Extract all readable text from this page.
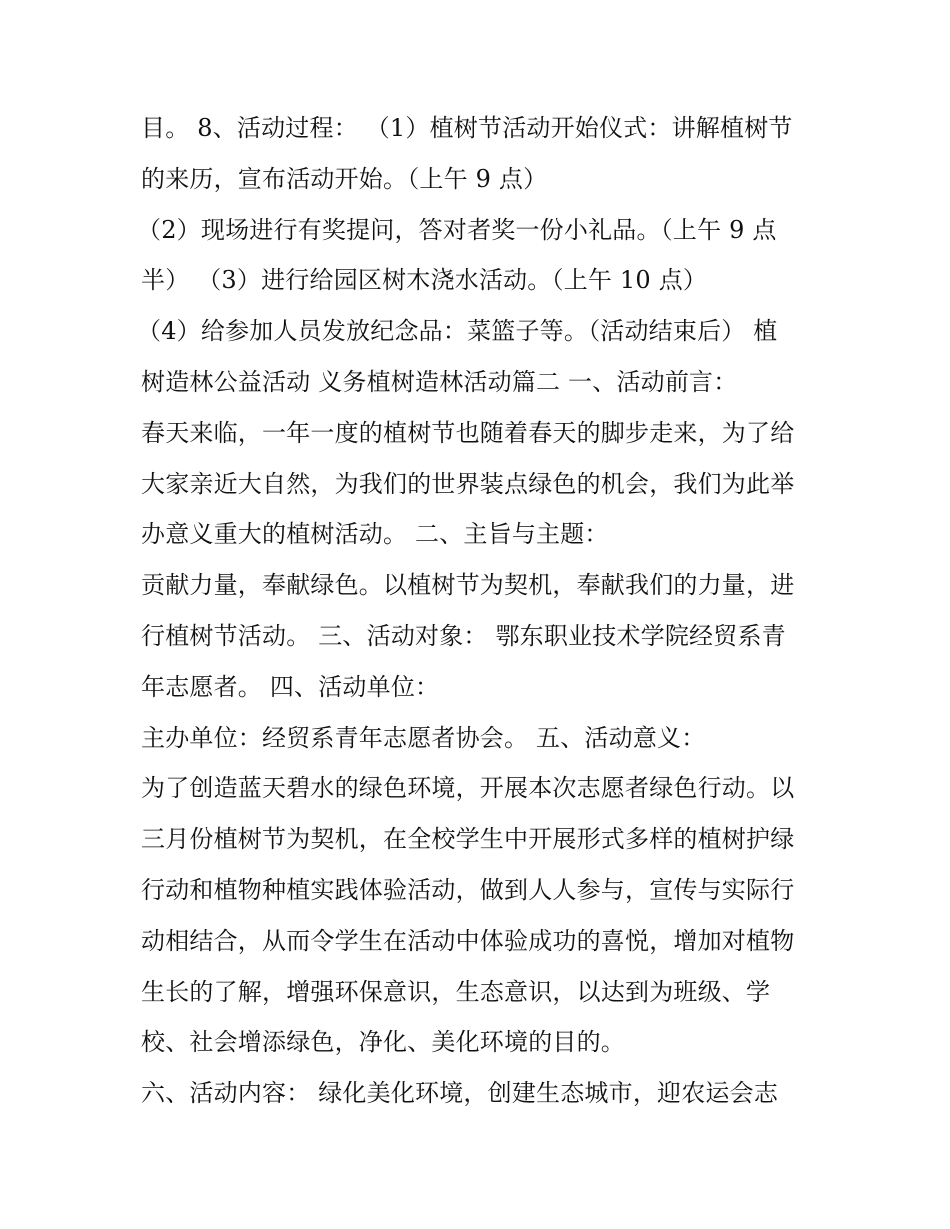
目。 8、活动过程： （1）植树节活动开始仪式：讲解植树节
的来历，宣布活动开始。（上午 9 点）
（2）现场进行有奖提问，答对者奖一份小礼品。（上午 9 点
半） （3）进行给园区树木浇水活动。（上午 10 点）
（4）给参加人员发放纪念品：菜篮子等。（活动结束后） 植
树造林公益活动 义务植树造林活动篇二 一、活动前言：
春天来临，一年一度的植树节也随着春天的脚步走来，为了给
大家亲近大自然，为我们的世界装点绿色的机会，我们为此举
办意义重大的植树活动。 二、主旨与主题：
贡献力量，奉献绿色。以植树节为契机，奉献我们的力量，进
行植树节活动。 三、活动对象： 鄂东职业技术学院经贸系青
年志愿者。 四、活动单位：
主办单位：经贸系青年志愿者协会。 五、活动意义：
为了创造蓝天碧水的绿色环境，开展本次志愿者绿色行动。以
三月份植树节为契机，在全校学生中开展形式多样的植树护绿
行动和植物种植实践体验活动，做到人人参与，宣传与实际行
动相结合，从而令学生在活动中体验成功的喜悦，增加对植物
生长的了解，增强环保意识，生态意识，以达到为班级、学
校、社会增添绿色，净化、美化环境的目的。
六、活动内容： 绿化美化环境，创建生态城市，迎农运会志
